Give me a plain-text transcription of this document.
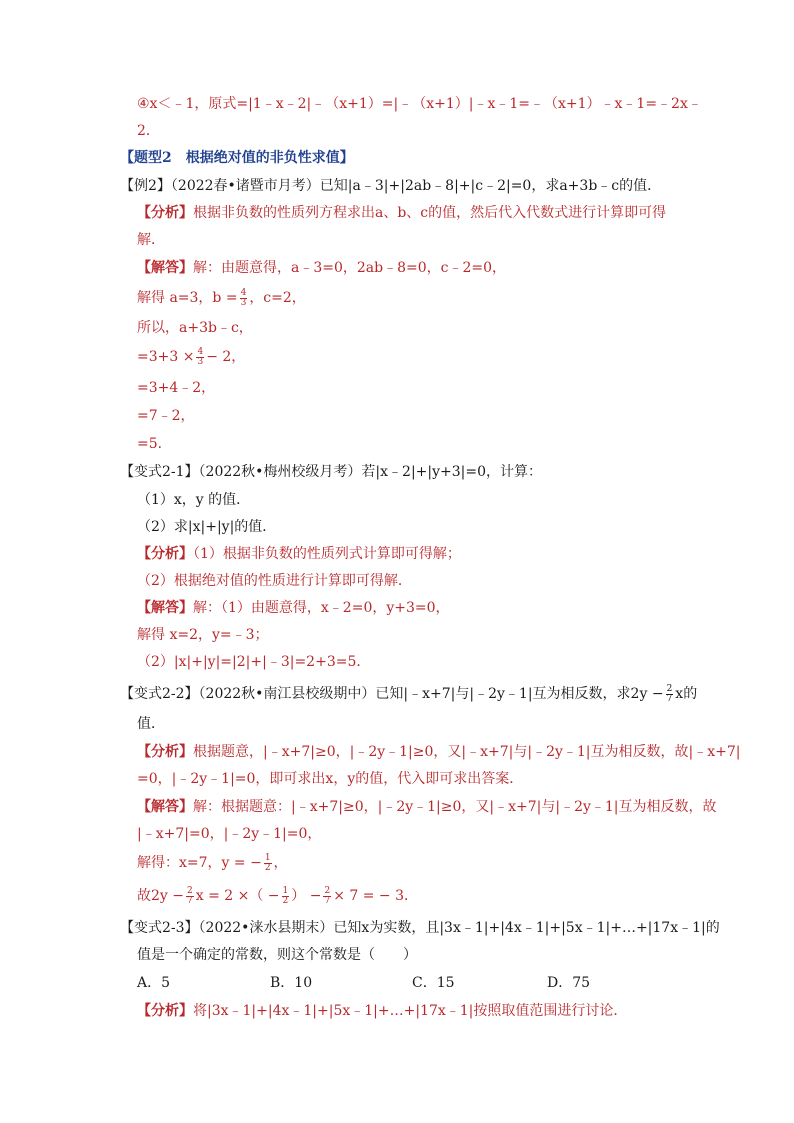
④x＜﹣1，原式=|1﹣x﹣2|﹣（x+1）=|﹣（x+1）|﹣x﹣1=﹣（x+1）﹣x﹣1=﹣2x﹣
2．
【题型2　根据绝对值的非负性求值】
【例2】（2022春•诸暨市月考）已知|a﹣3|+|2ab﹣8|+|c﹣2|=0，求a+3b﹣c的值．
【分析】根据非负数的性质列方程求出a、b、c的值，然后代入代数式进行计算即可得
解．
【解答】解：由题意得，a﹣3=0，2ab﹣8=0，c﹣2=0，
解得 a=3，$b = \frac{4}{3}$ ，c=2，
所以，a+3b﹣c，
$=3+3 \times \frac{4}{3} - 2$，
=3+4﹣2，
=7﹣2，
=5．
【变式2-1】（2022秋•梅州校级月考）若|x﹣2|+|y+3|=0，计算：
（1）x，y 的值．
（2）求|x|+|y|的值．
【分析】（1）根据非负数的性质列式计算即可得解；
（2）根据绝对值的性质进行计算即可得解．
【解答】解：（1）由题意得，x﹣2=0，y+3=0，
解得 x=2，y=﹣3；
（2）|x|+|y|=|2|+|﹣3|=2+3=5．
【变式2-2】（2022秋•南江县校级期中）已知|﹣x+7|与|﹣2y﹣1|互为相反数，求$2y - \frac{2}{7}$ x的
值．
【分析】根据题意，|﹣x+7|≥0，|﹣2y﹣1|≥0，又|﹣x+7|与|﹣2y﹣1|互为相反数，故|﹣x+7|
=0，|﹣2y﹣1|=0，即可求出x，y的值，代入即可求出答案．
【解答】解：根据题意：|﹣x+7|≥0，|﹣2y﹣1|≥0，又|﹣x+7|与|﹣2y﹣1|互为相反数，故
|﹣x+7|=0，|﹣2y﹣1|=0，
解得：x=7，y = − $\frac{1}{2}$ ，
故$2y - \frac{2}{7}$ x = 2 ×（ − $\frac{1}{2}$ ） − $\frac{2}{7} \times 7$ = − 3．
【变式2-3】（2022•涞水县期末）已知x为实数，且|3x﹣1|+|4x﹣1|+|5x﹣1|+…+|17x﹣1|的
值是一个确定的常数，则这个常数是（　　）
A．5	B．10	C．15	D．75
【分析】将|3x﹣1|+|4x﹣1|+|5x﹣1|+…+|17x﹣1|按照取值范围进行讨论．
